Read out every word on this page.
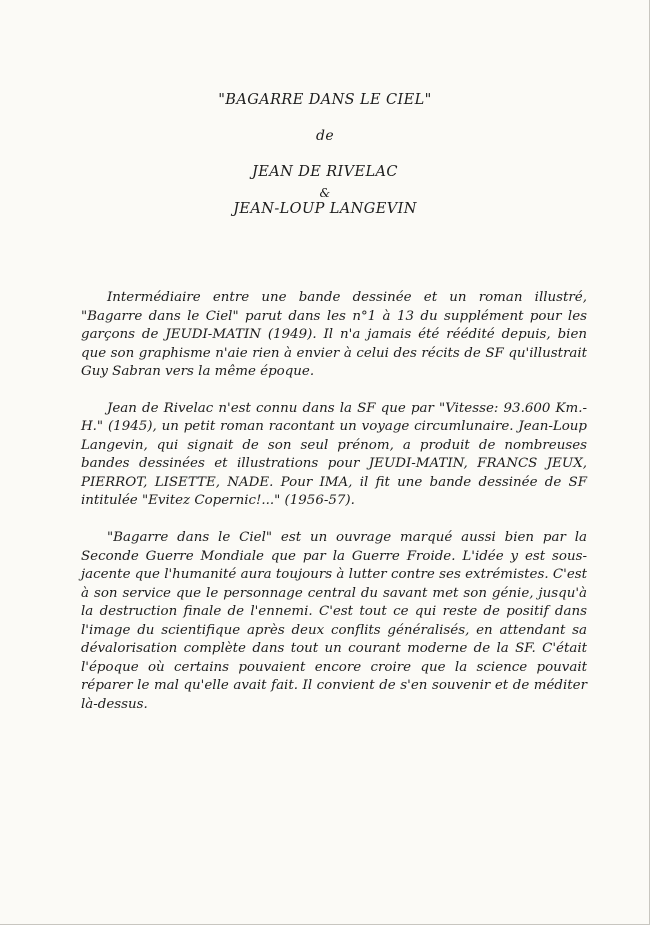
"BAGARRE DANS LE CIEL"
de
JEAN DE RIVELAC
&
JEAN-LOUP LANGEVIN

Intermédiaire entre une bande dessinée et un roman illustré, "Bagarre dans le Ciel" parut dans les n°1 à 13 du supplément pour les garçons de JEUDI-MATIN (1949). Il n'a jamais été réédité depuis, bien que son graphisme n'aie rien à envier à celui des récits de SF qu'illustrait Guy Sabran vers la même époque.

Jean de Rivelac n'est connu dans la SF que par "Vitesse: 93.600 Km.-H." (1945), un petit roman racontant un voyage circumlunaire. Jean-Loup Langevin, qui signait de son seul prénom, a produit de nombreuses bandes dessinées et illustrations pour JEUDI-MATIN, FRANCS JEUX, PIERROT, LISETTE, NADE. Pour IMA, il fit une bande dessinée de SF intitulée "Evitez Copernic!..." (1956-57).

"Bagarre dans le Ciel" est un ouvrage marqué aussi bien par la Seconde Guerre Mondiale que par la Guerre Froide. L'idée y est sous-jacente que l'humanité aura toujours à lutter contre ses extrémistes. C'est à son service que le personnage central du savant met son génie, jusqu'à la destruction finale de l'ennemi. C'est tout ce qui reste de positif dans l'image du scientifique après deux conflits généralisés, en attendant sa dévalorisation complète dans tout un courant moderne de la SF. C'était l'époque où certains pouvaient encore croire que la science pouvait réparer le mal qu'elle avait fait. Il convient de s'en souvenir et de méditer là-dessus.
